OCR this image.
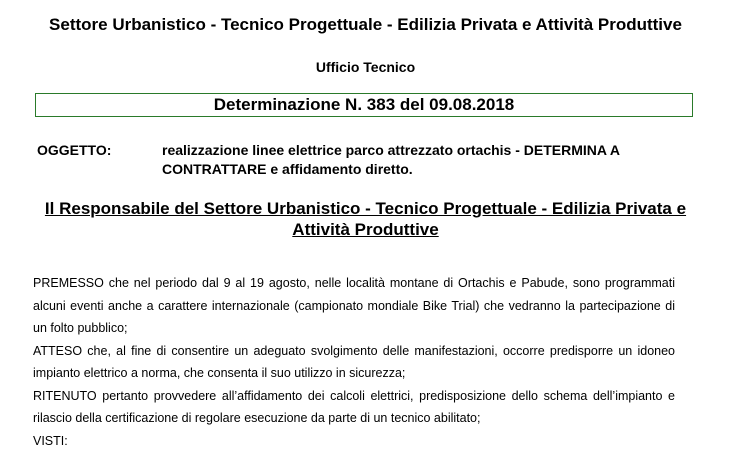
Settore Urbanistico - Tecnico Progettuale - Edilizia Privata e Attività Produttive
Ufficio Tecnico
Determinazione N. 383 del 09.08.2018
OGGETTO:	realizzazione linee elettrice parco attrezzato ortachis - DETERMINA A CONTRATTARE e affidamento diretto.
Il Responsabile del Settore Urbanistico - Tecnico Progettuale - Edilizia Privata e Attività Produttive

PREMESSO che nel periodo dal 9 al 19 agosto, nelle località montane di Ortachis e Pabude, sono programmati alcuni eventi anche a carattere internazionale (campionato mondiale Bike Trial) che vedranno la partecipazione di un folto pubblico;

ATTESO che, al fine di consentire un adeguato svolgimento delle manifestazioni, occorre predisporre un idoneo impianto elettrico a norma, che consenta il suo utilizzo in sicurezza;

RITENUTO pertanto provvedere all’affidamento dei calcoli elettrici, predisposizione dello schema dell’impianto e rilascio della certificazione di regolare esecuzione da parte di un tecnico abilitato;

VISTI:
